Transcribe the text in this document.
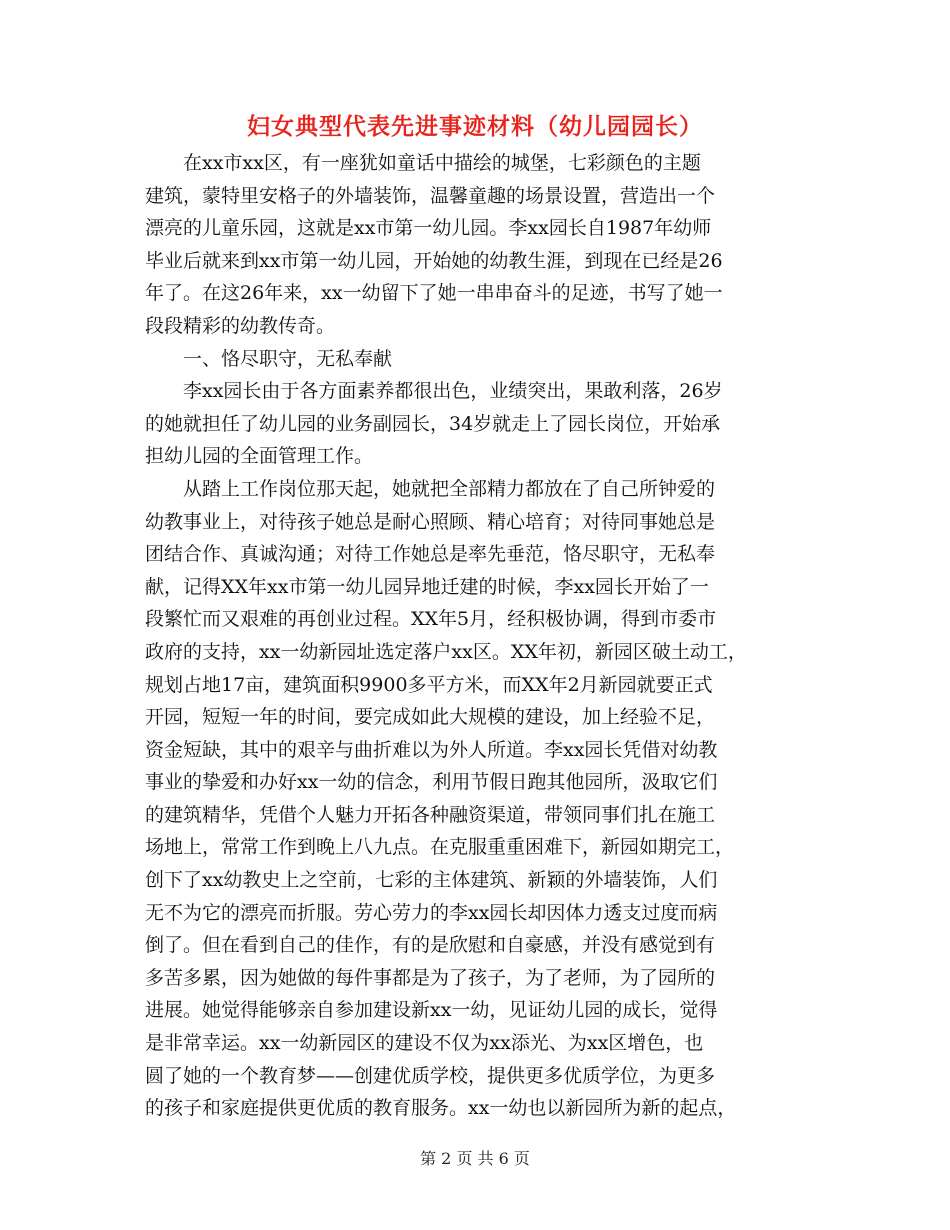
妇女典型代表先进事迹材料（幼儿园园长）
在xx市xx区，有一座犹如童话中描绘的城堡，七彩颜色的主题
建筑，蒙特里安格子的外墙装饰，温馨童趣的场景设置，营造出一个
漂亮的儿童乐园，这就是xx市第一幼儿园。李xx园长自1987年幼师
毕业后就来到xx市第一幼儿园，开始她的幼教生涯，到现在已经是26
年了。在这26年来，xx一幼留下了她一串串奋斗的足迹，书写了她一
段段精彩的幼教传奇。
一、恪尽职守，无私奉献
李xx园长由于各方面素养都很出色，业绩突出，果敢利落，26岁
的她就担任了幼儿园的业务副园长，34岁就走上了园长岗位，开始承
担幼儿园的全面管理工作。
从踏上工作岗位那天起，她就把全部精力都放在了自己所钟爱的
幼教事业上，对待孩子她总是耐心照顾、精心培育；对待同事她总是
团结合作、真诚沟通；对待工作她总是率先垂范，恪尽职守，无私奉
献，记得XX年xx市第一幼儿园异地迁建的时候，李xx园长开始了一
段繁忙而又艰难的再创业过程。XX年5月，经积极协调，得到市委市
政府的支持，xx一幼新园址选定落户xx区。XX年初，新园区破土动工，
规划占地17亩，建筑面积9900多平方米，而XX年2月新园就要正式
开园，短短一年的时间，要完成如此大规模的建设，加上经验不足，
资金短缺，其中的艰辛与曲折难以为外人所道。李xx园长凭借对幼教
事业的挚爱和办好xx一幼的信念，利用节假日跑其他园所，汲取它们
的建筑精华，凭借个人魅力开拓各种融资渠道，带领同事们扎在施工
场地上，常常工作到晚上八九点。在克服重重困难下，新园如期完工，
创下了xx幼教史上之空前，七彩的主体建筑、新颖的外墙装饰，人们
无不为它的漂亮而折服。劳心劳力的李xx园长却因体力透支过度而病
倒了。但在看到自己的佳作，有的是欣慰和自豪感，并没有感觉到有
多苦多累，因为她做的每件事都是为了孩子，为了老师，为了园所的
进展。她觉得能够亲自参加建设新xx一幼，见证幼儿园的成长，觉得
是非常幸运。xx一幼新园区的建设不仅为xx添光、为xx区增色，也
圆了她的一个教育梦——创建优质学校，提供更多优质学位，为更多
的孩子和家庭提供更优质的教育服务。xx一幼也以新园所为新的起点，
第 2 页 共 6 页
